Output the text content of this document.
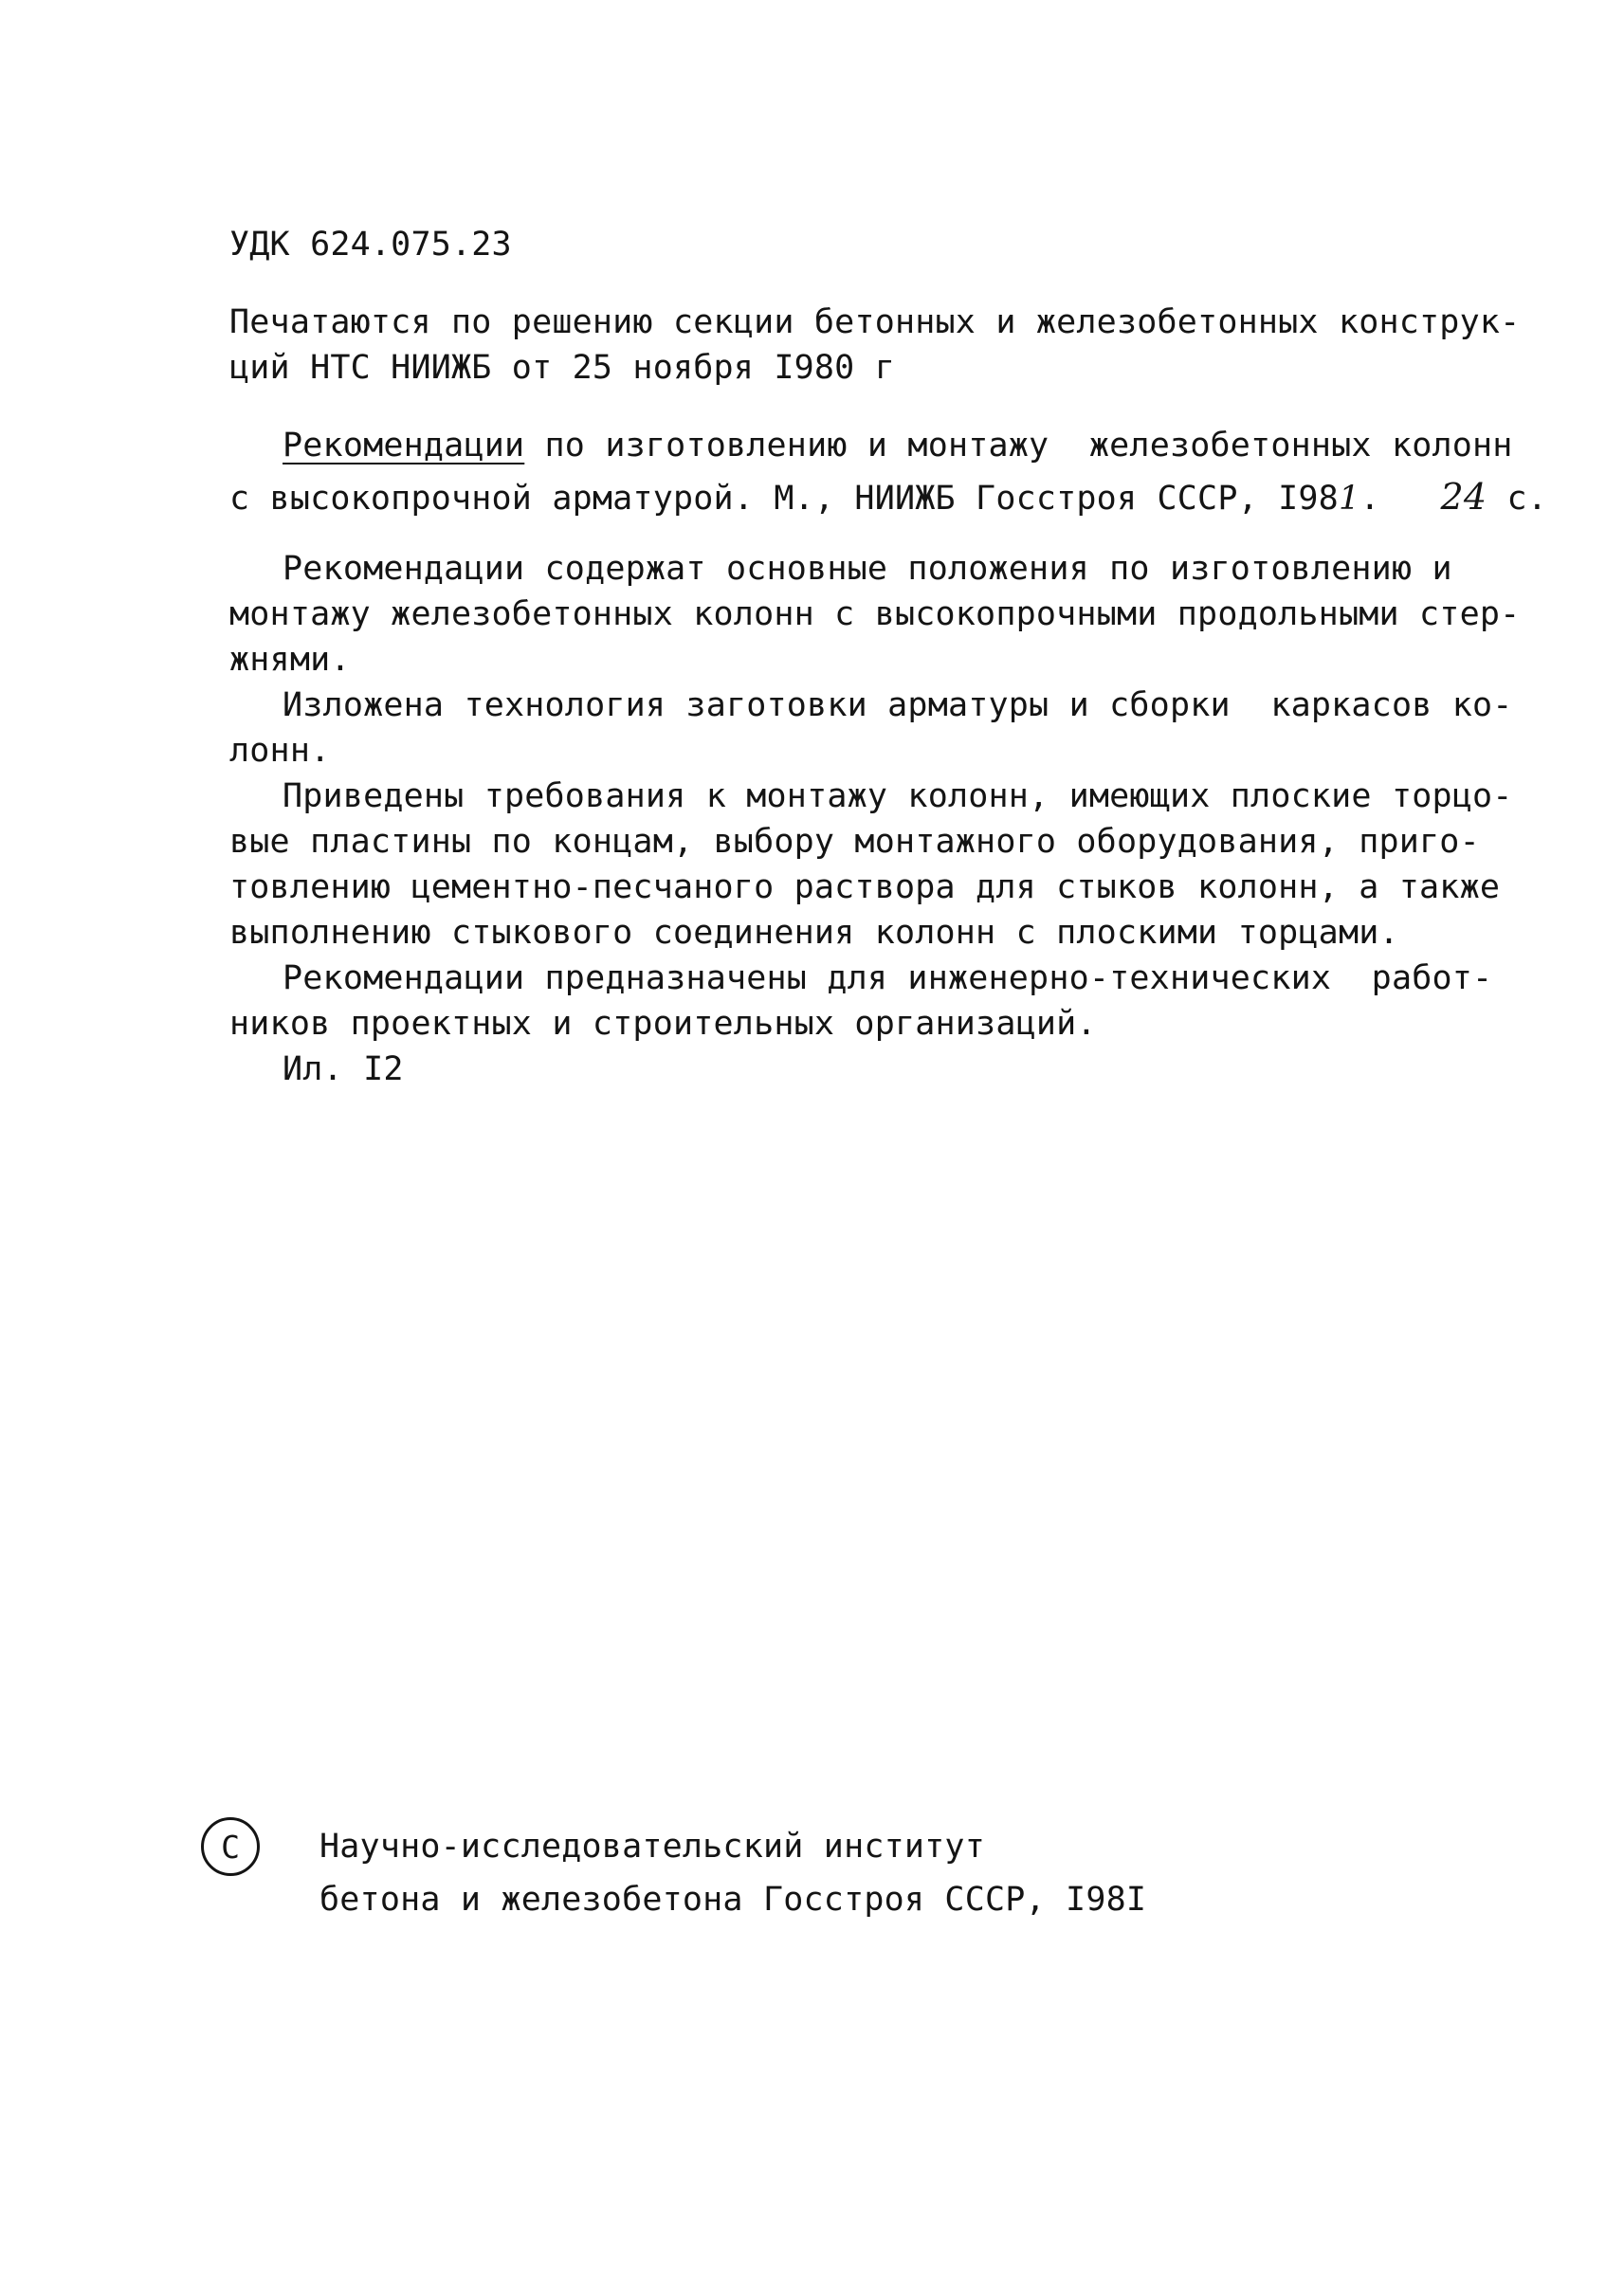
УДК 624.075.23
Печатаются по решению секции бетонных и железобетонных конструк-
ций НТС НИИЖБ от 25 ноября I980 г
Рекомендации по изготовлению и монтажу  железобетонных колонн
с высокопрочной арматурой. М., НИИЖБ Госстроя СССР, I981.   24 с.
Рекомендации содержат основные положения по изготовлению и
монтажу железобетонных колонн с высокопрочными продольными стер-
жнями.
Изложена технология заготовки арматуры и сборки  каркасов ко-
лонн.
Приведены требования к монтажу колонн, имеющих плоские торцо-
вые пластины по концам, выбору монтажного оборудования, приго-
товлению цементно-песчаного раствора для стыков колонн, а также
выполнению стыкового соединения колонн с плоскими торцами.
Рекомендации предназначены для инженерно-технических  работ-
ников проектных и строительных организаций.
Ил. I2
С Научно-исследовательский институт
бетона и железобетона Госстроя СССР, I98I
